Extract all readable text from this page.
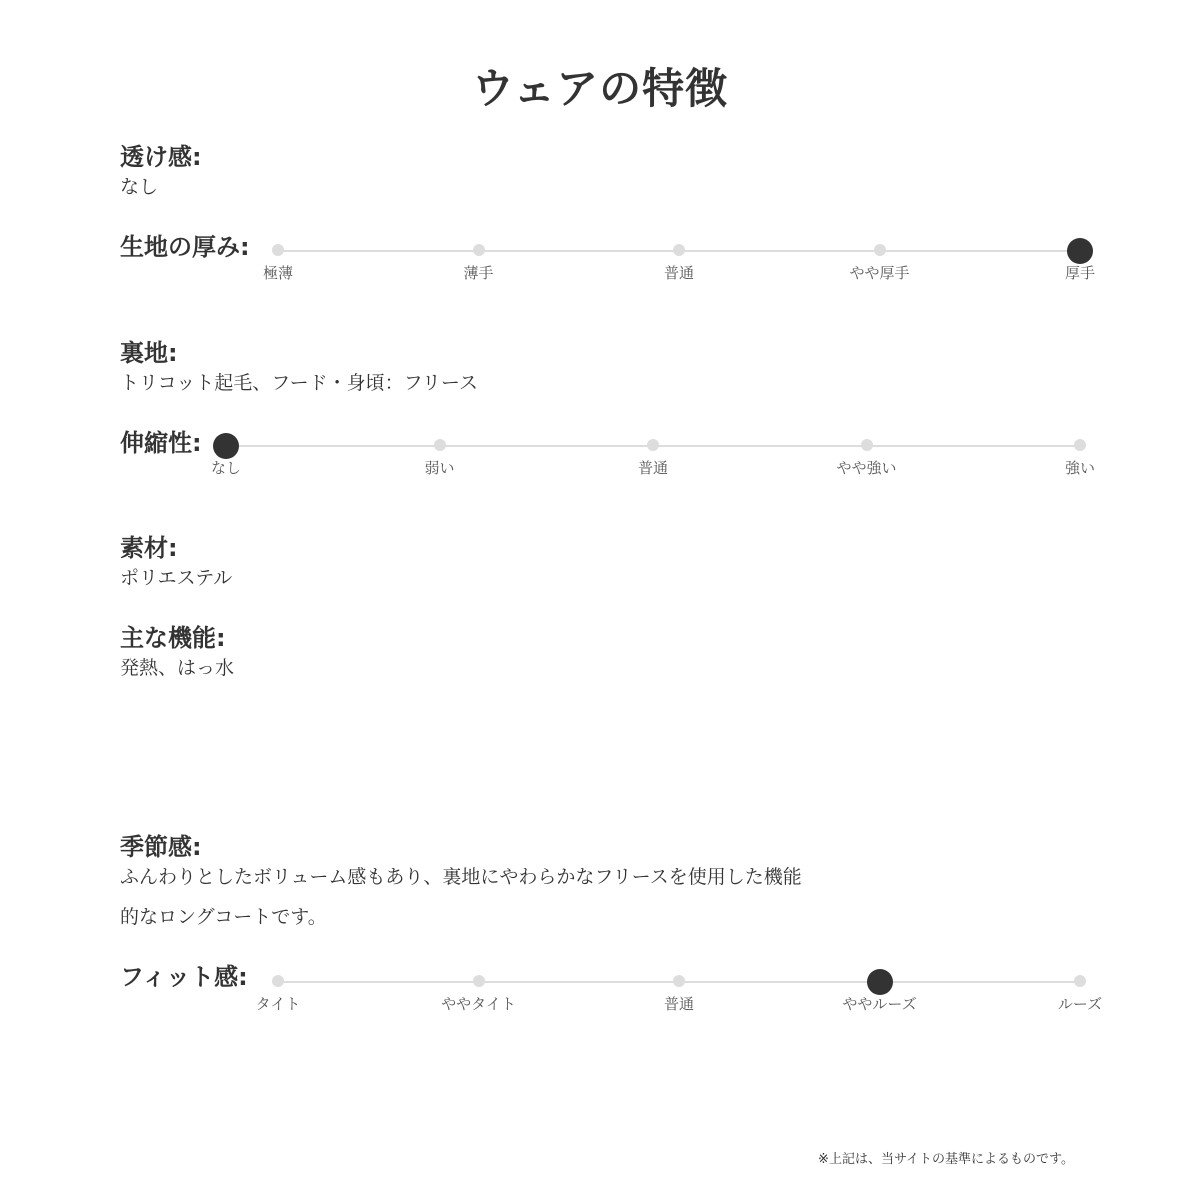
ウェアの特徴
透け感:
なし
生地の厚み:
極薄	薄手	普通	やや厚手	厚手
裏地:
トリコット起毛、フード・身頃：フリース
伸縮性:
なし	弱い	普通	やや強い	強い
素材:
ポリエステル
主な機能:
発熱、はっ水
季節感:
ふんわりとしたボリューム感もあり、裏地にやわらかなフリースを使用した機能
的なロングコートです。
フィット感:
タイト	ややタイト	普通	ややルーズ	ルーズ
※上記は、当サイトの基準によるものです。
